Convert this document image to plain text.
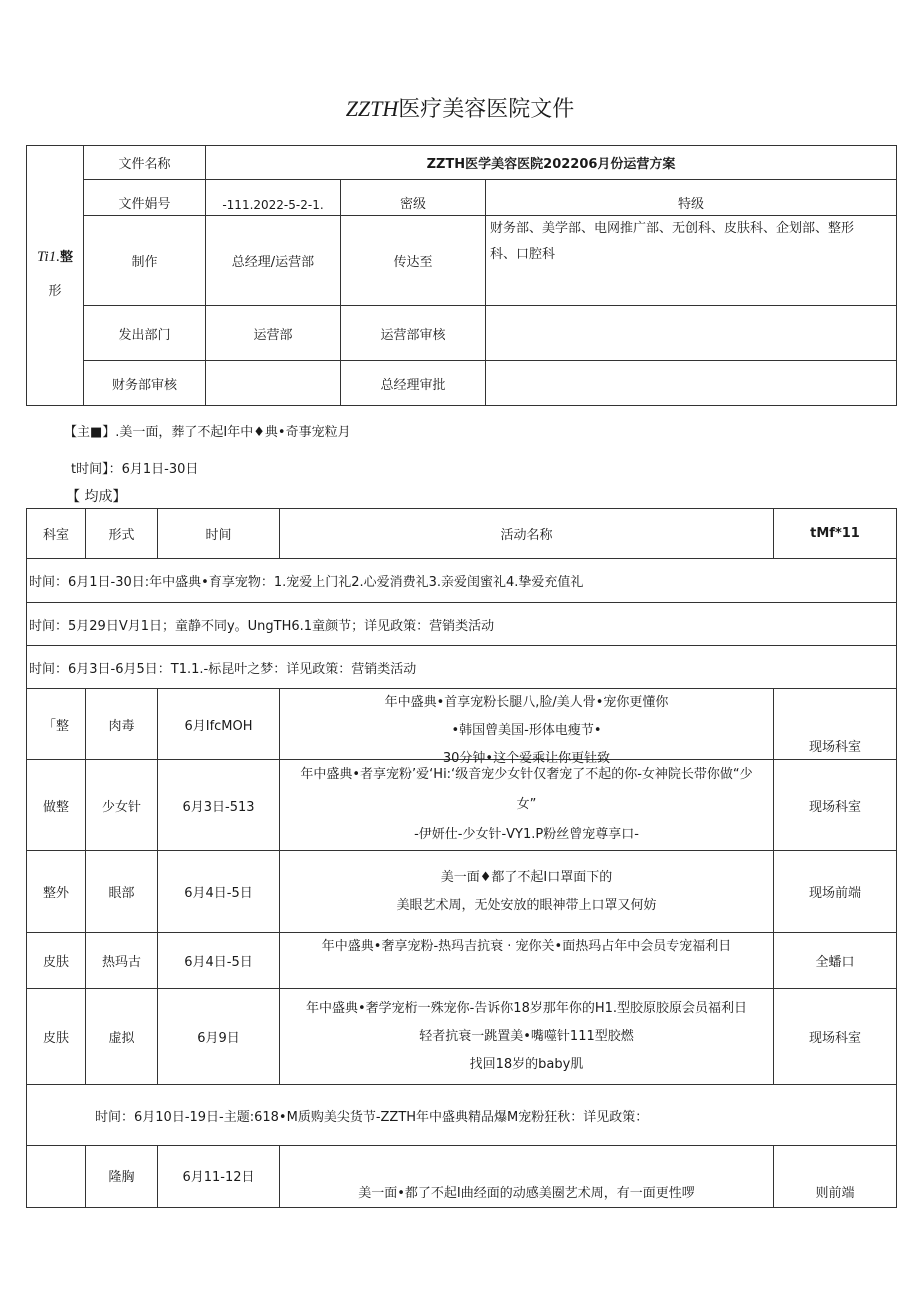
ZZTH医疗美容医院文件
Ti1.整
形	文件名称	ZZTH医学美容医院202206月份运营方案		
	文件娟号	-111.2022-5-2-1.	密级	特级
	制作	总经理/运营部	传达至	财务部、美学部、电网推广部、无创科、皮肤科、企划部、整形
科、口腔科

	发出部门	运营部	运营部审核	
	财务部审核		总经理审批	
【主■】.美一面，葬了不起I年中♦典•奇事宠粒月
t时间】：6月1日-30日
【 均成】
科室	形式	时间	活动名称	tMf*11
时间：6月1日-30日:年中盛典•育享宠物：1.宠爱上门礼2.心爱消费礼3.亲爱闺蜜礼4.挚爱充值礼				
时间：5月29日V月1日；童静不同y。UngTH6.1童颜节；详见政策：营销类活动				
时间：6月3日-6月5日：T1.1.-标昆叶之梦：详见政策：营销类活动				
「整	肉毒	6月IfcMOH	年中盛典•首享宠粉长腿八,脸/美人骨•宠你更懂你
•韩国曾美国-形体电瘦节•
30分钟•这个爱乘让你更钍致	现场科室
做整	少女针	6月3日-513	年中盛典•者享宠粉’爱‘Hi:‘级音宠少女针仅奢宠了不起的你-女神院长带你做“少
女”
-伊妍仕-少女针-VY1.P粉丝曾宠尊享口-	现场科室
整外	眼部	6月4日-5日	美一面♦都了不起I口罩面下的
美眼艺术周，无处安放的眼神带上口罩又何妨	现场前端
皮肤	热玛古	6月4日-5日	年中盛典•奢享宠粉-热玛吉抗衰 · 宠你关•面热玛占年中会员专宠福利日	全蟠口
皮肤	虚拟	6月9日	年中盛典•奢学宠桁一殊宠你-告诉你18岁那年你的H1.型胶原胶原会员福利日
轻者抗衰一跳置美•嘴噬针111型胶燃
找回18岁的baby肌	现场科室
时间：6月10日-19日-主题:618•M质购美尖货节-ZZTH年中盛典精品爆M宠粉狂秋：详见政策：				
	隆胸	6月11-12日	美一面•都了不起I曲经面的动感美圈艺术周，有一面更性啰	则前端
